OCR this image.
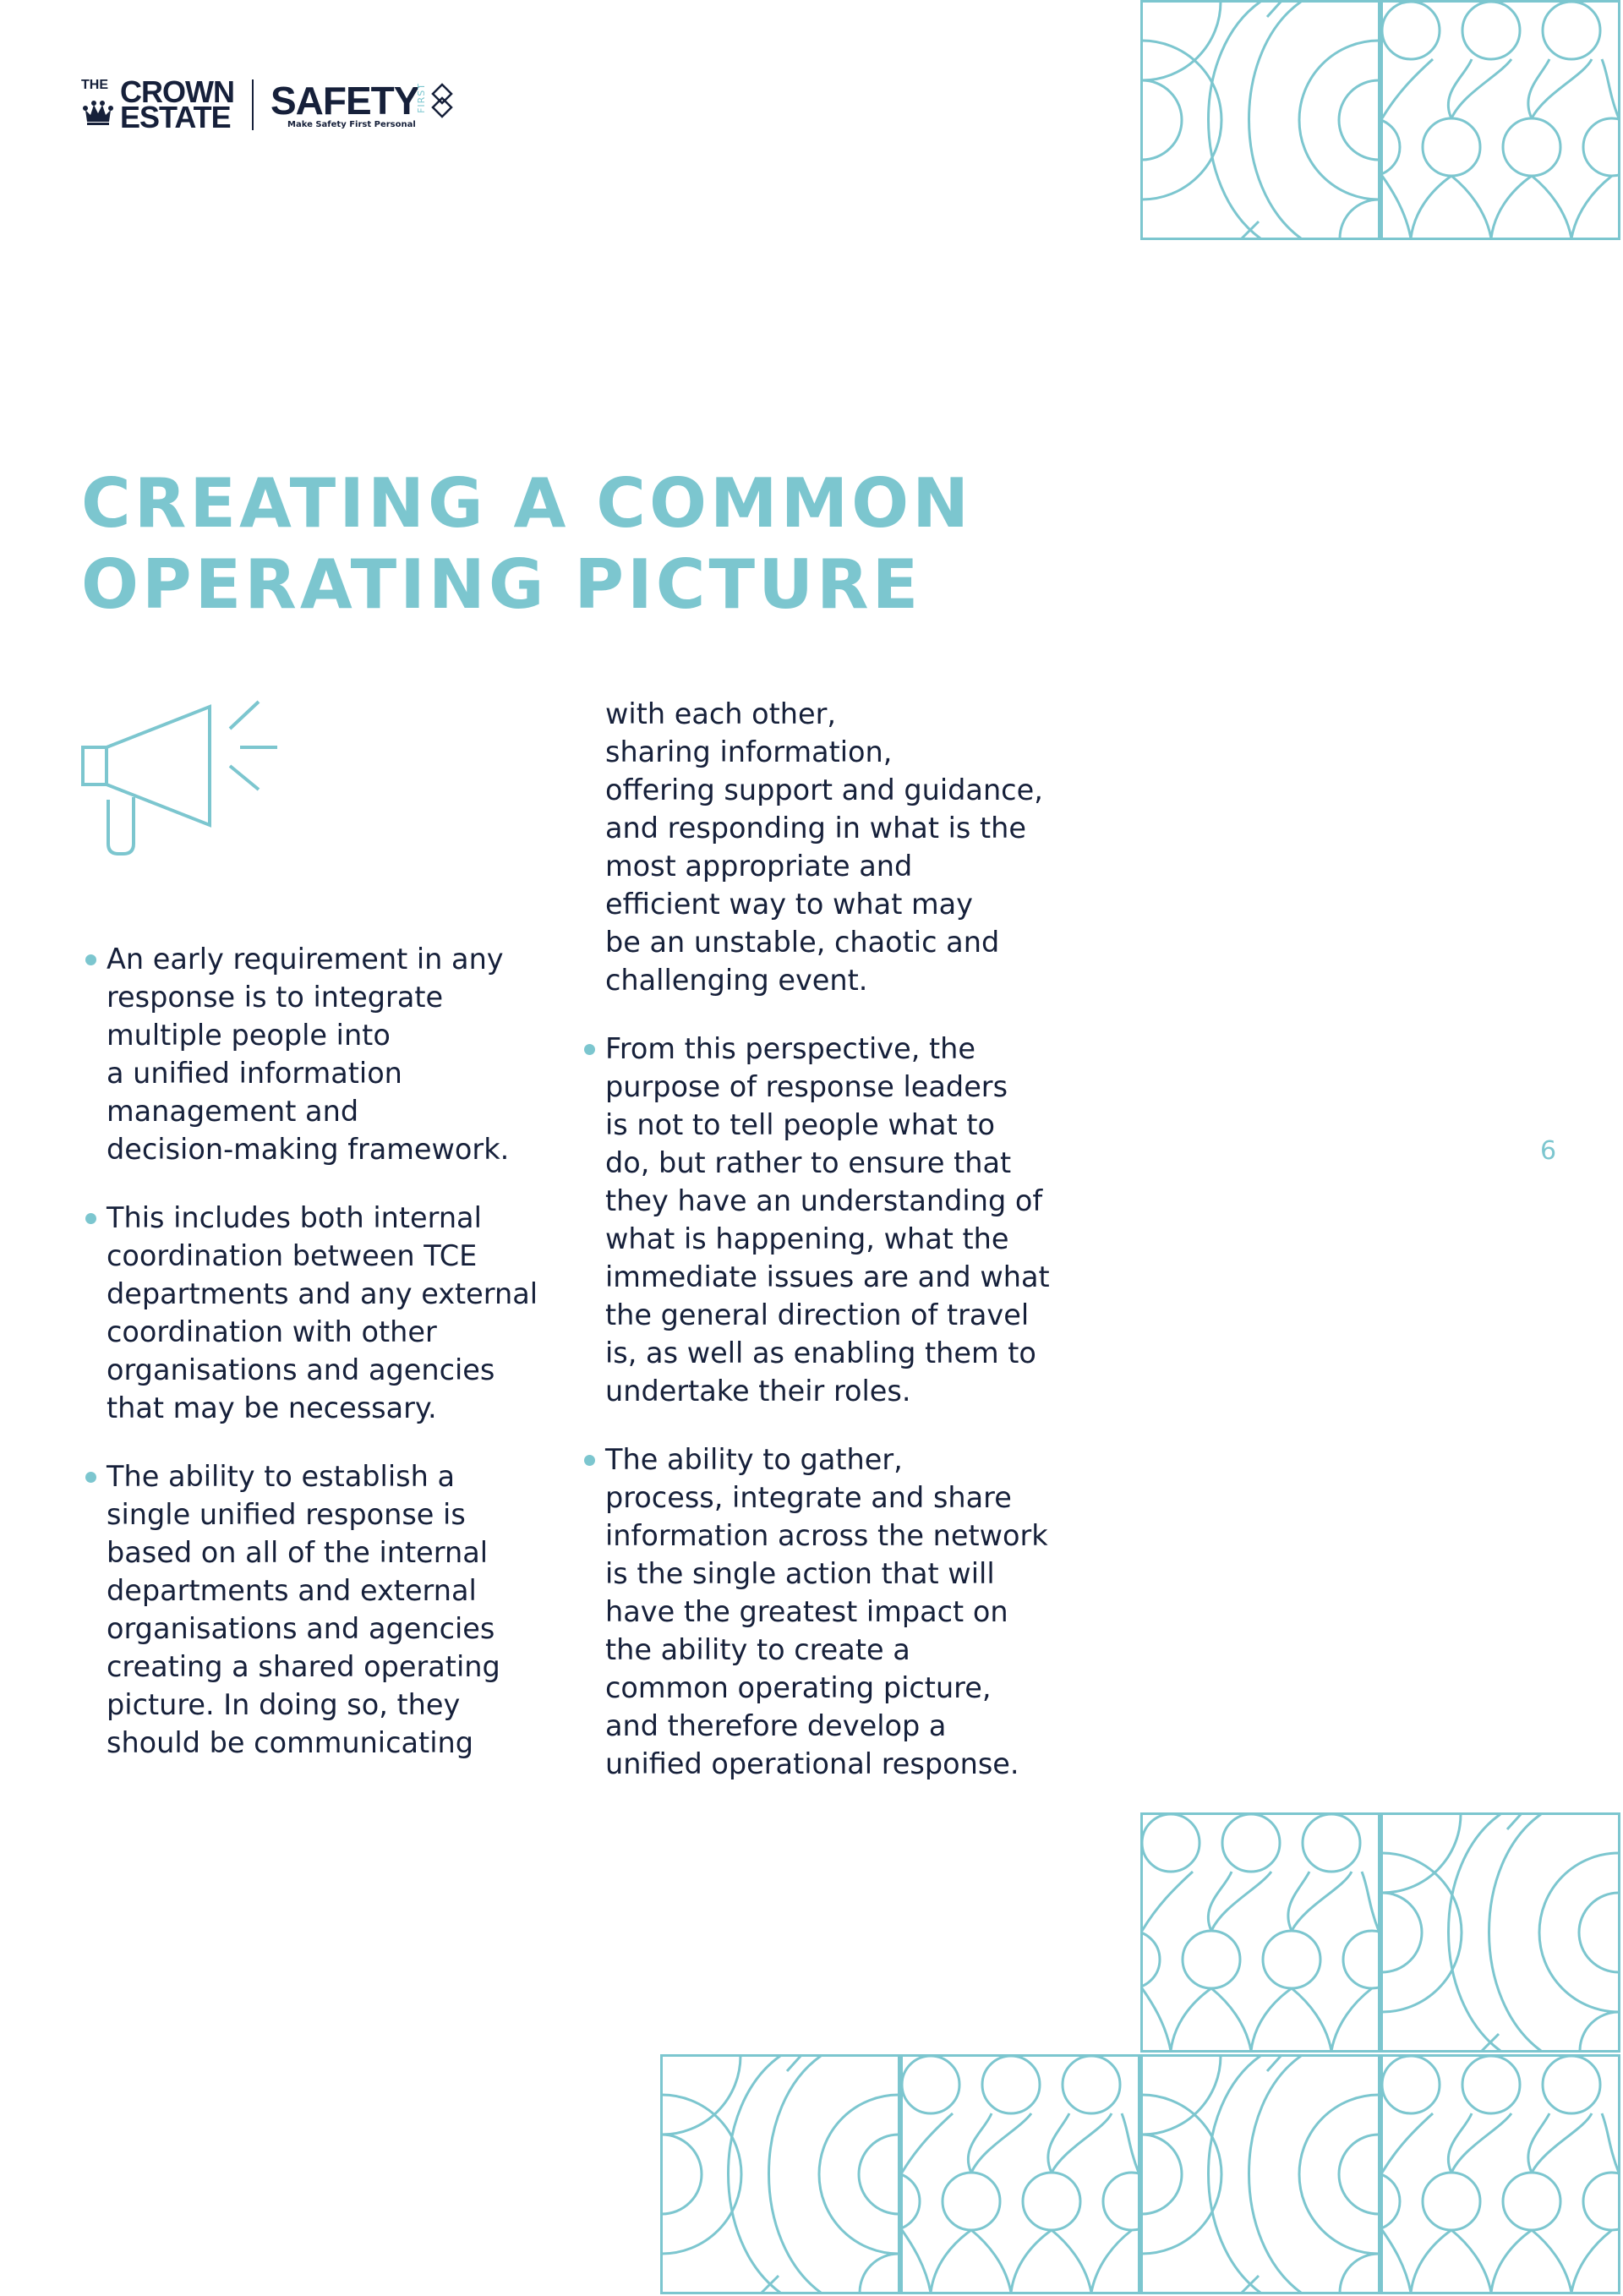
THE CROWN
ESTATE SAFETY
FIRST
Make Safety First Personal
CREATING A COMMON
OPERATING PICTURE
An early requirement in any
response is to integrate
multiple people into
a unified information
management and
decision-making framework.
This includes both internal
coordination between TCE
departments and any external
coordination with other
organisations and agencies
that may be necessary.
The ability to establish a
single unified response is
based on all of the internal
departments and external
organisations and agencies
creating a shared operating
picture. In doing so, they
should be communicating

with each other,
sharing information,
offering support and guidance,
and responding in what is the
most appropriate and
efficient way to what may
be an unstable, chaotic and
challenging event.

From this perspective, the
purpose of response leaders
is not to tell people what to
do, but rather to ensure that
they have an understanding of
what is happening, what the
immediate issues are and what
the general direction of travel
is, as well as enabling them to
undertake their roles.
The ability to gather,
process, integrate and share
information across the network
is the single action that will
have the greatest impact on
the ability to create a
common operating picture,
and therefore develop a
unified operational response.
6
